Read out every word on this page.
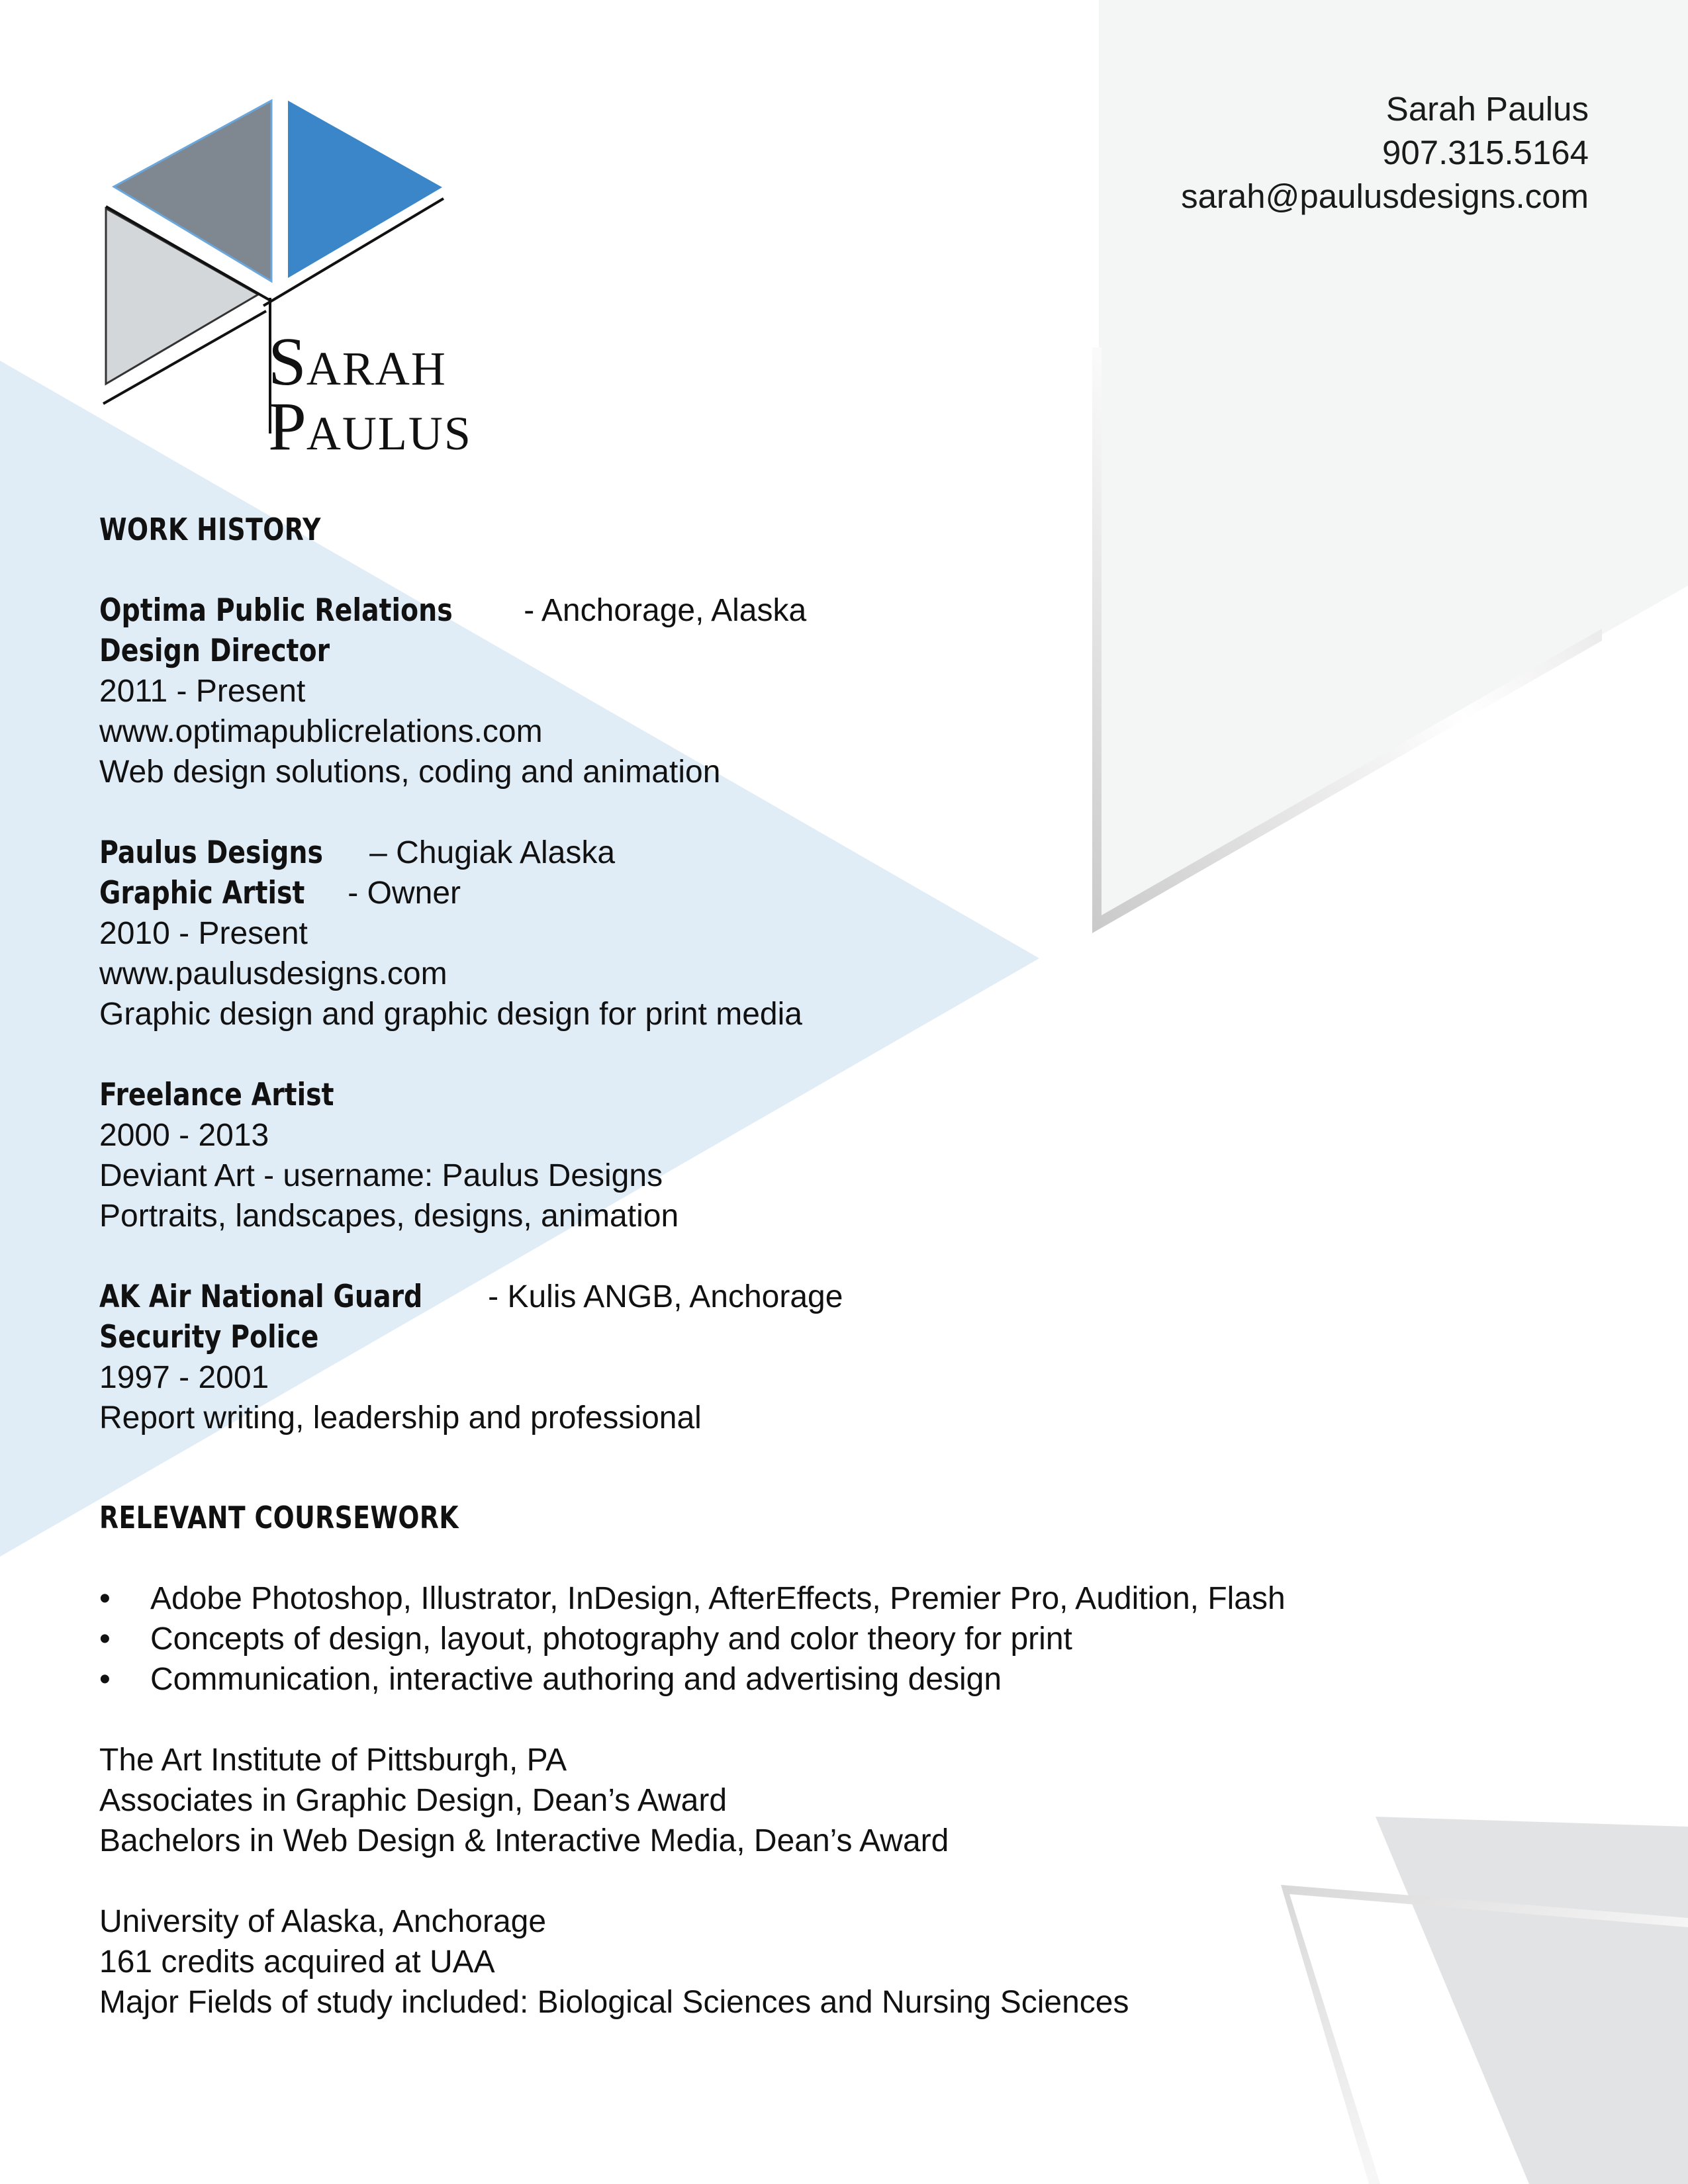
Sarah Paulus
907.315.5164
sarah@paulusdesigns.com
SARAH
PAULUS
WORK HISTORY
Optima Public Relations - Anchorage, Alaska
Design Director
2011 - Present
www.optimapublicrelations.com
Web design solutions, coding and animation
Paulus Designs – Chugiak Alaska
Graphic Artist - Owner
2010 - Present
www.paulusdesigns.com
Graphic design and graphic design for print media
Freelance Artist
2000 - 2013
Deviant Art - username: Paulus Designs
Portraits, landscapes, designs, animation
AK Air National Guard - Kulis ANGB, Anchorage
Security Police
1997 - 2001
Report writing, leadership and professional
RELEVANT COURSEWORK
• Adobe Photoshop, Illustrator, InDesign, AfterEffects, Premier Pro, Audition, Flash
• Concepts of design, layout, photography and color theory for print
• Communication, interactive authoring and advertising design
The Art Institute of Pittsburgh, PA
Associates in Graphic Design, Dean’s Award
Bachelors in Web Design & Interactive Media, Dean’s Award
University of Alaska, Anchorage
161 credits acquired at UAA
Major Fields of study included: Biological Sciences and Nursing Sciences
